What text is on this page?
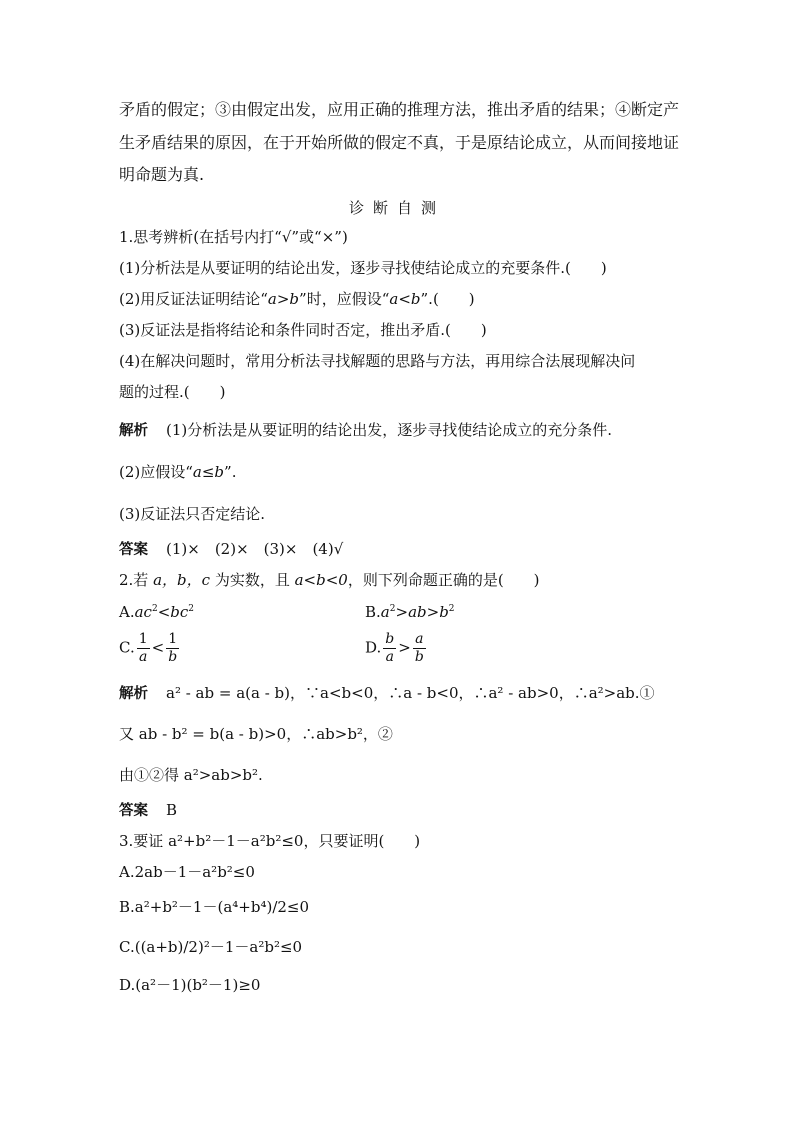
矛盾的假定；③由假定出发，应用正确的推理方法，推出矛盾的结果；④断定产
生矛盾结果的原因，在于开始所做的假定不真，于是原结论成立，从而间接地证
明命题为真.
诊断自测
1.思考辨析(在括号内打“√”或“×”)
(1)分析法是从要证明的结论出发，逐步寻找使结论成立的充要条件.(　　)
(2)用反证法证明结论“a>b”时，应假设“a<b”.(　　)
(3)反证法是指将结论和条件同时否定，推出矛盾.(　　)
(4)在解决问题时，常用分析法寻找解题的思路与方法，再用综合法展现解决问
题的过程.(　　)
解析 (1)分析法是从要证明的结论出发，逐步寻找使结论成立的充分条件.
(2)应假设“a≤b”.
(3)反证法只否定结论.
答案 (1)×　(2)×　(3)×　(4)√
2.若 a，b，c 为实数，且 a<b<0，则下列命题正确的是(　　)
$A.ac^2<bc^2$	$B.a^2>ab>b^2$
C. $\frac{1}{a} < \frac{1}{b}$	D. $\frac{b}{a} > \frac{a}{b}$
解析 a² - ab = a(a - b)，∵a<b<0，∴a - b<0，∴a² - ab>0，∴a²>ab.①
又 ab - b² = b(a - b)>0，∴ab>b²，②
由①②得 a²>ab>b².
答案 B
3.要证 a²+b²－1－a²b²≤0，只要证明(　　)
A.2ab－1－a²b²≤0
B.a²+b²－1－(a⁴+b⁴)/2≤0
C.((a+b)/2)²－1－a²b²≤0
D.(a²－1)(b²－1)≥0
